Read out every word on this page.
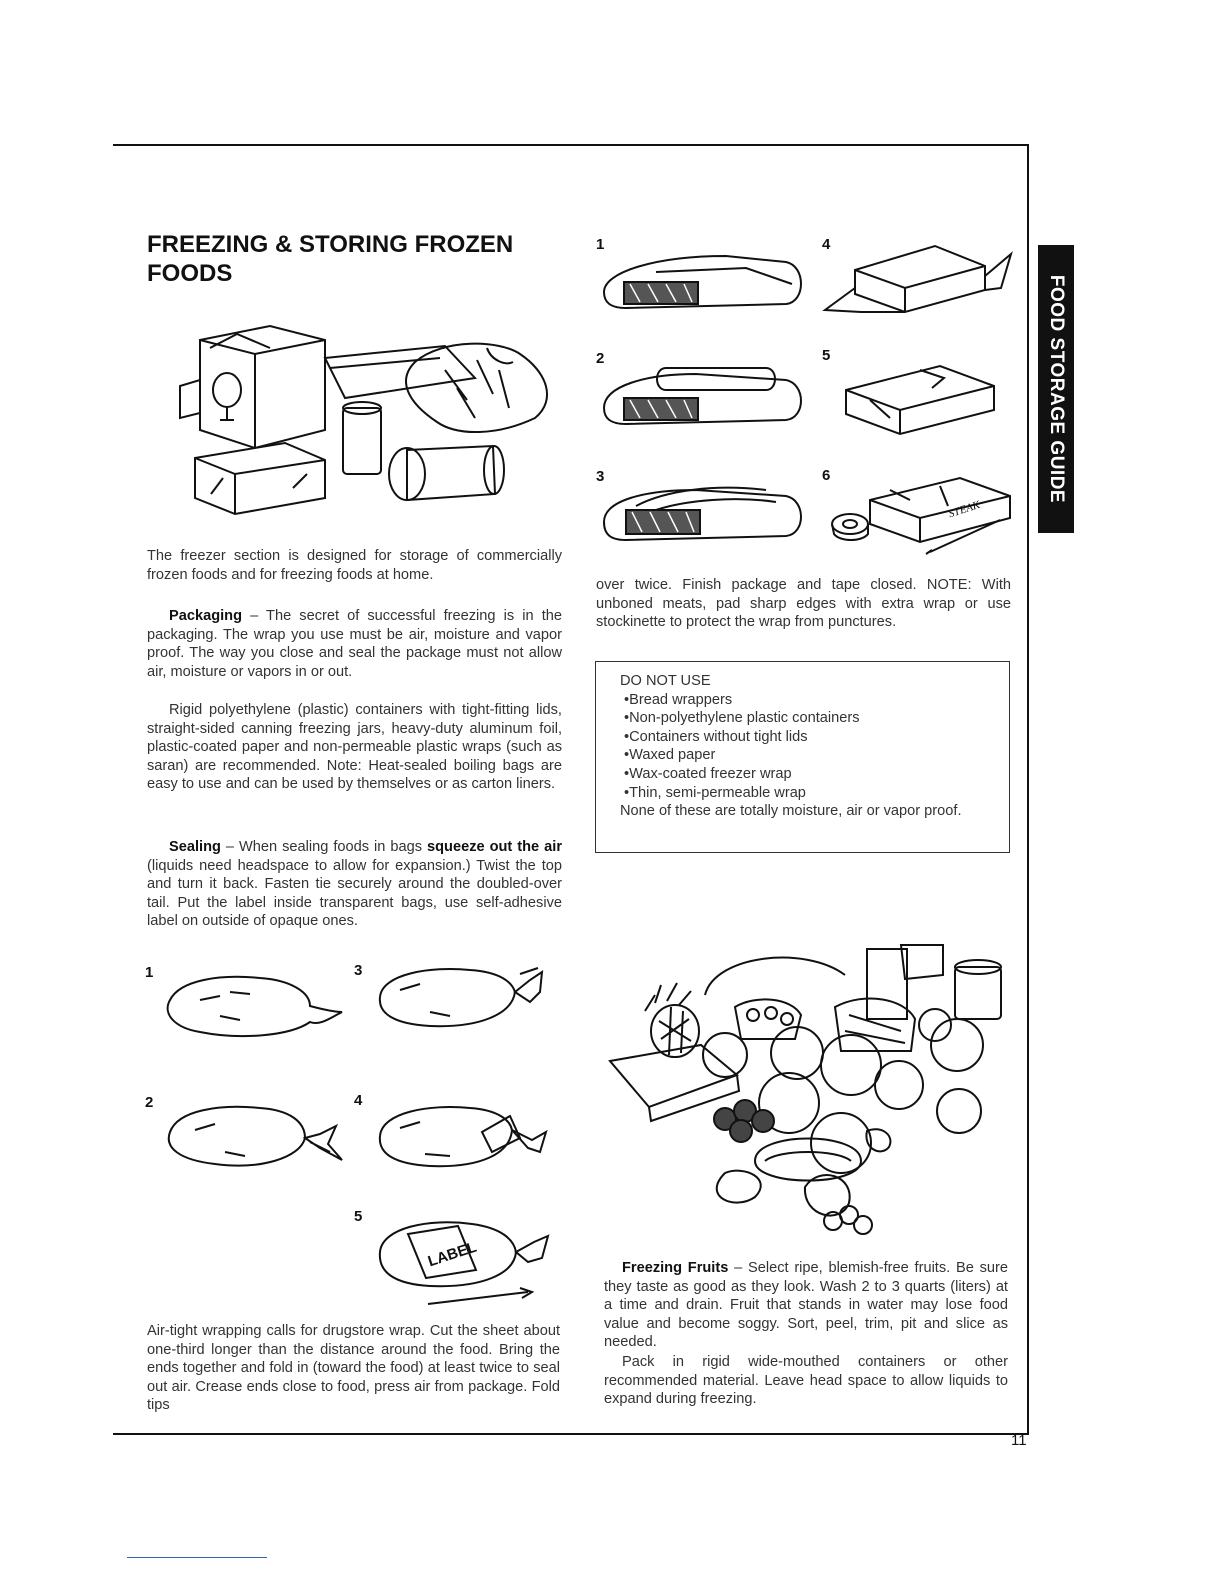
FOOD STORAGE GUIDE
FREEZING & STORING FROZEN
FOODS

The freezer section is designed for storage of commercially frozen foods and for freezing foods at home.

Packaging – The secret of successful freezing is in the packaging. The wrap you use must be air, moisture and vapor proof. The way you close and seal the package must not allow air, moisture or vapors in or out.

Rigid polyethylene (plastic) containers with tight-fitting lids, straight-sided canning freezing jars, heavy-duty aluminum foil, plastic-coated paper and non-permeable plastic wraps (such as saran) are recommended. Note: Heat-sealed boiling bags are easy to use and can be used by themselves or as carton liners.

Sealing – When sealing foods in bags squeeze out the air (liquids need headspace to allow for expansion.) Twist the top and turn it back. Fasten tie securely around the doubled-over tail. Put the label inside transparent bags, use self-adhesive label on outside of opaque ones.

1	3
2	4
5
LABEL

Air-tight wrapping calls for drugstore wrap. Cut the sheet about one-third longer than the distance around the food. Bring the ends together and fold in (toward the food) at least twice to seal out air. Crease ends close to food, press air from package. Fold tips

1	4
2	5
3	6
STEAK

over twice. Finish package and tape closed. NOTE: With unboned meats, pad sharp edges with extra wrap or use stockinette to protect the wrap from punctures.

DO NOT USE
• Bread wrappers
• Non-polyethylene plastic containers
• Containers without tight lids
• Waxed paper
• Wax-coated freezer wrap
• Thin, semi-permeable wrap
None of these are totally moisture, air or vapor proof.

Freezing Fruits – Select ripe, blemish-free fruits. Be sure they taste as good as they look. Wash 2 to 3 quarts (liters) at a time and drain. Fruit that stands in water may lose food value and become soggy. Sort, peel, trim, pit and slice as needed.

Pack in rigid wide-mouthed containers or other recommended material. Leave head space to allow liquids to expand during freezing.

11
